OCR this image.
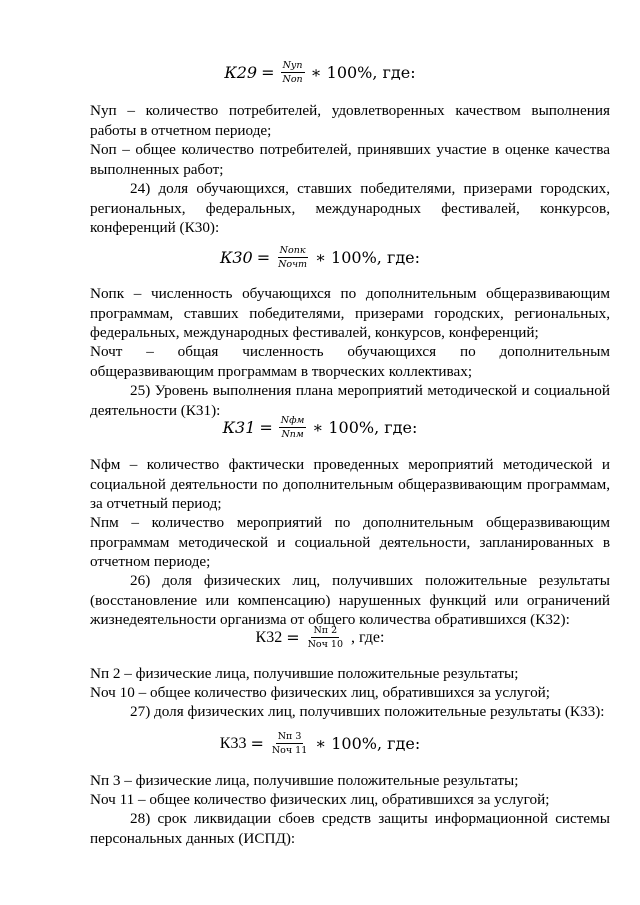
$К29 = \frac{\text{Nуп}}{\text{Nоп}}$ ∗ 100%, где:
Nуп – количество потребителей, удовлетворенных качеством выполнения
работы в отчетном периоде;
Nоп – общее количество потребителей, принявших участие в оценке качества
выполненных работ;
24) доля обучающихся, ставших победителями, призерами городских,
региональных, федеральных, международных фестивалей, конкурсов,
конференций (К30):
$К30 = \frac{\text{Nопк}}{\text{Nочт}}$ ∗ 100%, где:
Nопк – численность обучающихся по дополнительным общеразвивающим
программам, ставших победителями, призерами городских, региональных,
федеральных, международных фестивалей, конкурсов, конференций;
Nочт – общая численность обучающихся по дополнительным
общеразвивающим программам в творческих коллективах;
25) Уровень выполнения плана мероприятий методической и социальной
деятельности (К31):
$К31 = \frac{\text{Nфм}}{\text{Nпм}}$ ∗ 100%, где:
Nфм – количество фактически проведенных мероприятий методической и
социальной деятельности по дополнительным общеразвивающим программам,
за отчетный период;
Nпм – количество мероприятий по дополнительным общеразвивающим
программам методической и социальной деятельности, запланированных в
отчетном периоде;
26) доля физических лиц, получивших положительные результаты
(восстановление или компенсацию) нарушенных функций или ограничений
жизнедеятельности организма от общего количества обратившихся (К32):
$К32 = \frac{Nп 2}{\text{Nоч 10}}$ , где:
Nп 2 – физические лица, получившие положительные результаты;
Nоч 10 – общее количество физических лиц, обратившихся за услугой;
27) доля физических лиц, получивших положительные результаты (К33):
$К33 = \frac{Nп 3}{\text{Nоч 11}}$ ∗ 100%, где:
Nп 3 – физические лица, получившие положительные результаты;
Nоч 11 – общее количество физических лиц, обратившихся за услугой;
28) срок ликвидации сбоев средств защиты информационной системы
персональных данных (ИСПД):
